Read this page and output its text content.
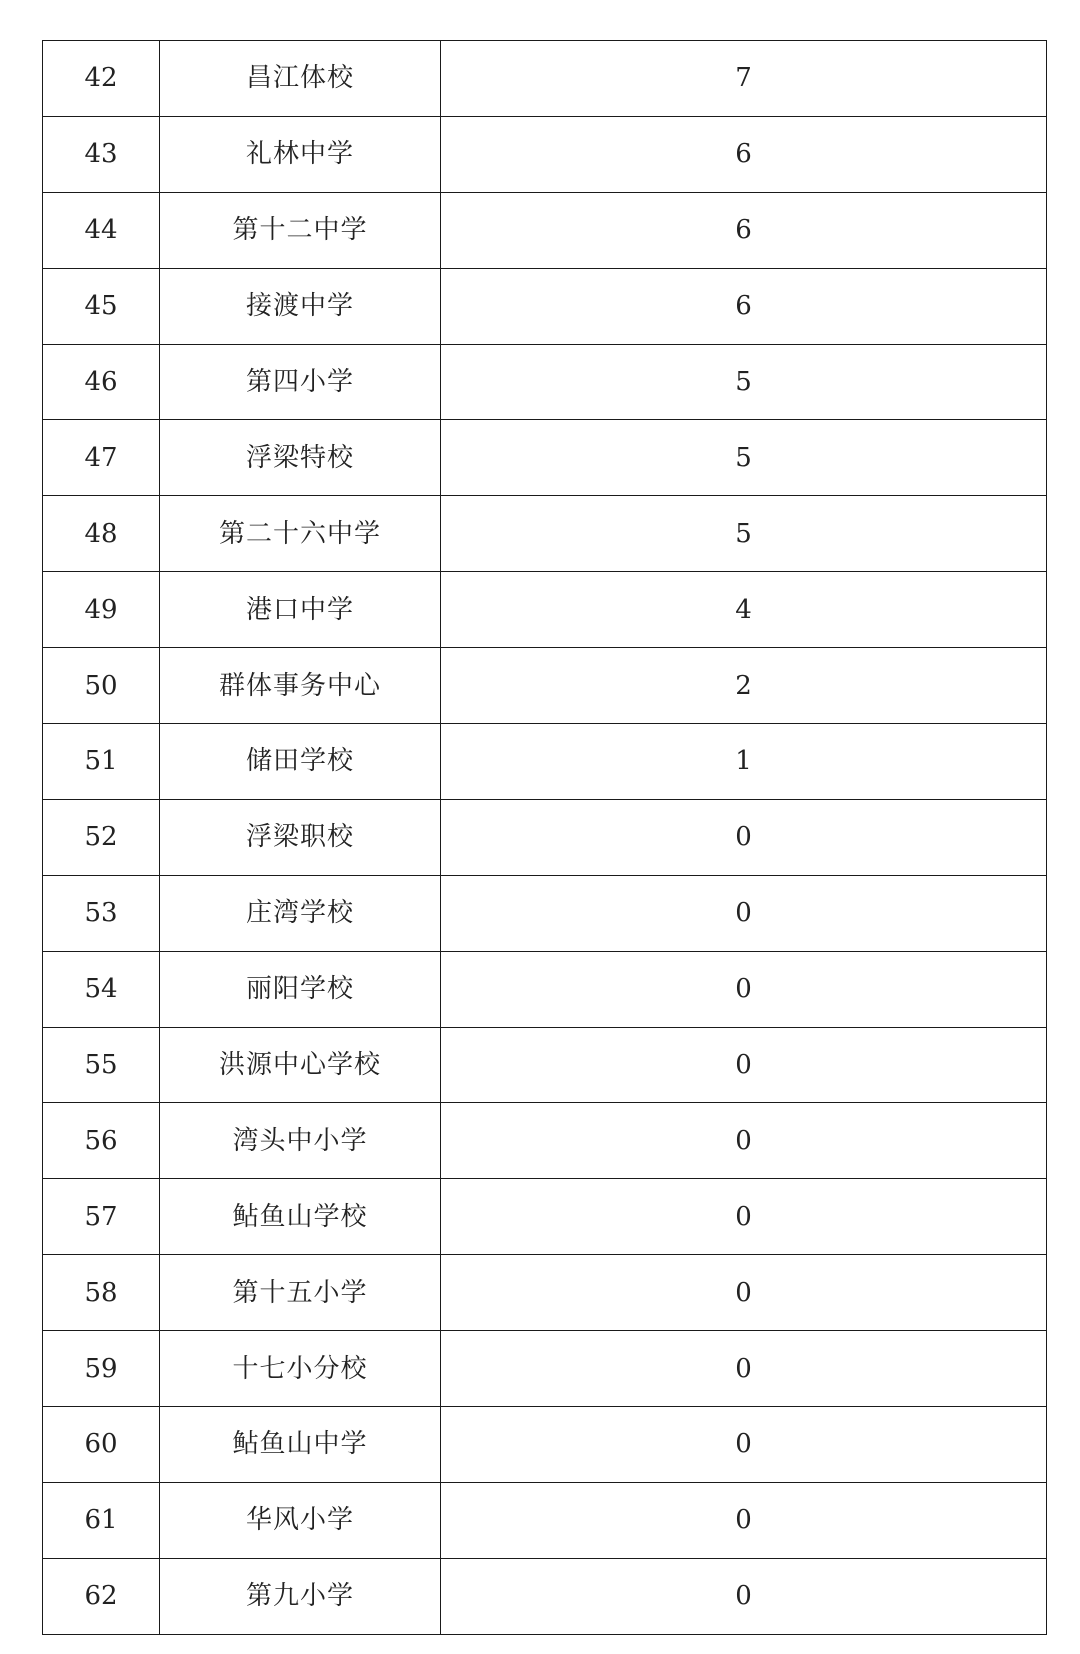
42	昌江体校	7
43	礼林中学	6
44	第十二中学	6
45	接渡中学	6
46	第四小学	5
47	浮梁特校	5
48	第二十六中学	5
49	港口中学	4
50	群体事务中心	2
51	储田学校	1
52	浮梁职校	0
53	庄湾学校	0
54	丽阳学校	0
55	洪源中心学校	0
56	湾头中小学	0
57	鲇鱼山学校	0
58	第十五小学	0
59	十七小分校	0
60	鲇鱼山中学	0
61	华风小学	0
62	第九小学	0
